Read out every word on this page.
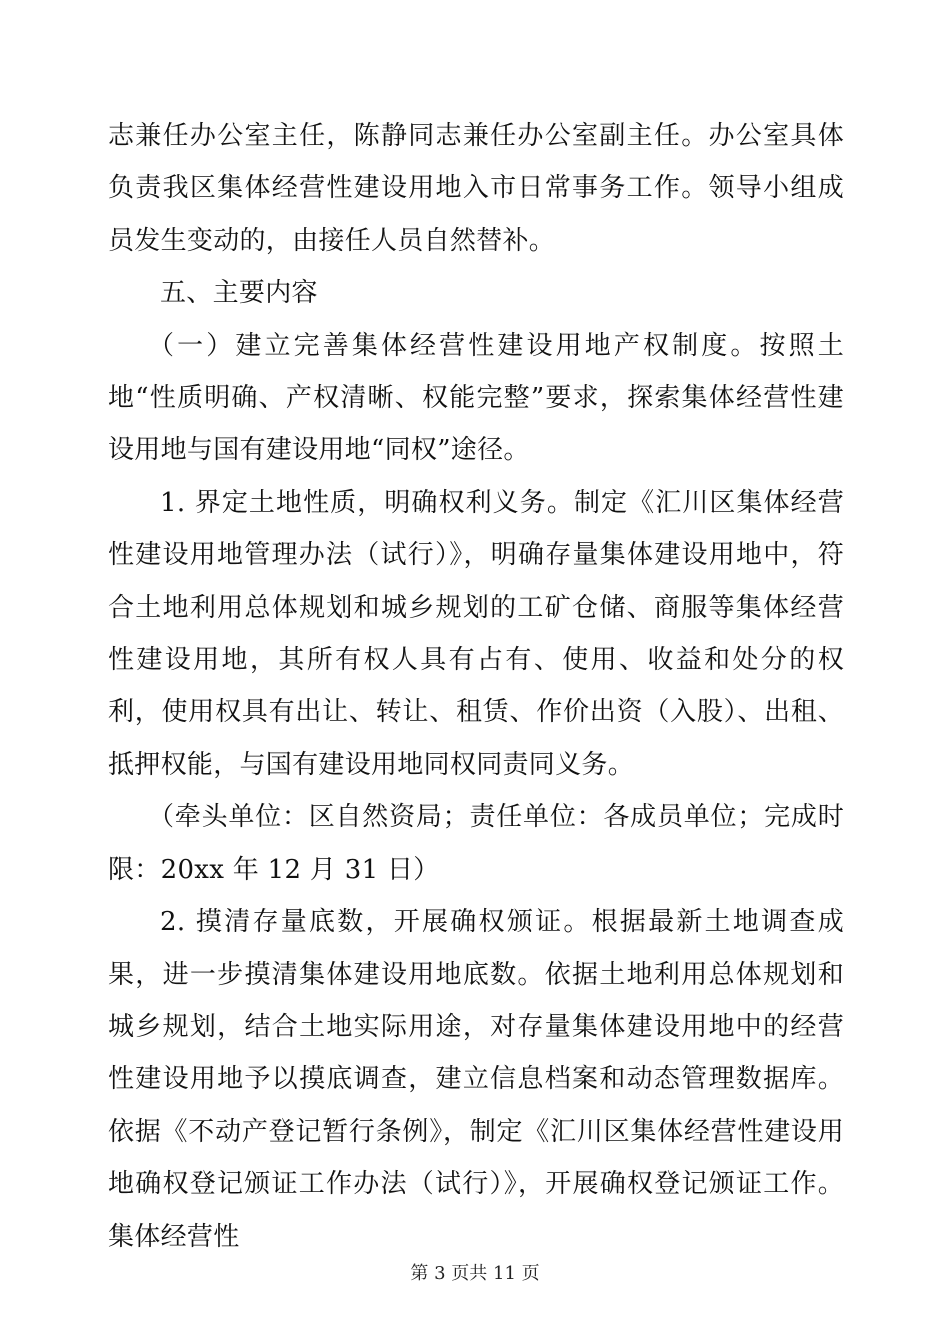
志兼任办公室主任，陈静同志兼任办公室副主任。办公室具体负责我区集体经营性建设用地入市日常事务工作。领导小组成员发生变动的，由接任人员自然替补。

五、主要内容

（一）建立完善集体经营性建设用地产权制度。按照土地“性质明确、产权清晰、权能完整”要求，探索集体经营性建设用地与国有建设用地“同权”途径。

1. 界定土地性质，明确权利义务。制定《汇川区集体经营性建设用地管理办法（试行）》，明确存量集体建设用地中，符合土地利用总体规划和城乡规划的工矿仓储、商服等集体经营性建设用地，其所有权人具有占有、使用、收益和处分的权利，使用权具有出让、转让、租赁、作价出资（入股）、出租、抵押权能，与国有建设用地同权同责同义务。

（牵头单位：区自然资局；责任单位：各成员单位；完成时限：20xx 年 12 月 31 日）

2. 摸清存量底数，开展确权颁证。根据最新土地调查成果，进一步摸清集体建设用地底数。依据土地利用总体规划和城乡规划，结合土地实际用途，对存量集体建设用地中的经营性建设用地予以摸底调查，建立信息档案和动态管理数据库。依据《不动产登记暂行条例》，制定《汇川区集体经营性建设用地确权登记颁证工作办法（试行）》，开展确权登记颁证工作。集体经营性

第 3 页共 11 页
